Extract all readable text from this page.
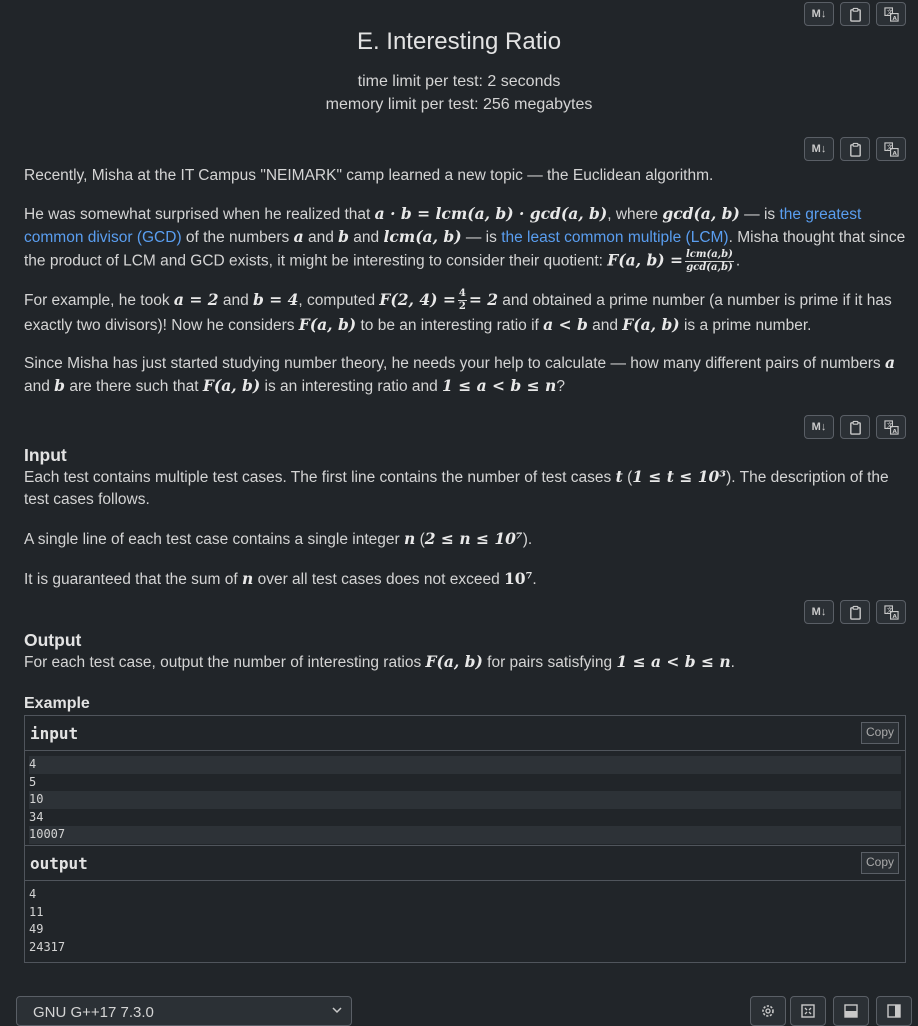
M↓	文
A
E. Interesting Ratio
time limit per test: 2 seconds
memory limit per test: 256 megabytes
M↓	文
A

Recently, Misha at the IT Campus "NEIMARK" camp learned a new topic — the Euclidean algorithm.

He was somewhat surprised when he realized that a · b = lcm(a, b) · gcd(a, b), where gcd(a, b) — is the greatest common divisor (GCD) of the numbers a and b and lcm(a, b) — is the least common multiple (LCM). Misha thought that since the product of LCM and GCD exists, it might be interesting to consider their quotient: F(a, $b) = \frac{\text{lcm(a,b)}}{\gcd(a,b)}$ .

For example, he took a = 2 and b = 4, computed F(2, $4) = \frac{4}{2} = 2$ and obtained a prime number (a number is prime if it has exactly two divisors)! Now he considers F(a, b) to be an interesting ratio if a < b and F(a, b) is a prime number.

Since Misha has just started studying number theory, he needs your help to calculate — how many different pairs of numbers a and b are there such that F(a, b) is an interesting ratio and 1 ≤ a < b ≤ n?

M↓	文
A
Input

Each test contains multiple test cases. The first line contains the number of test cases t (1 ≤ t ≤ 10³). The description of the test cases follows.

A single line of each test case contains a single integer n (2 ≤ n ≤ 10⁷).

It is guaranteed that the sum of n over all test cases does not exceed 10⁷.

M↓	文
A
Output

For each test case, output the number of interesting ratios F(a, b) for pairs satisfying 1 ≤ a < b ≤ n.

Example
input	Copy
4
5
10
34
10007
output	Copy
4
11
49
24317
GNU G++17 7.3.0
